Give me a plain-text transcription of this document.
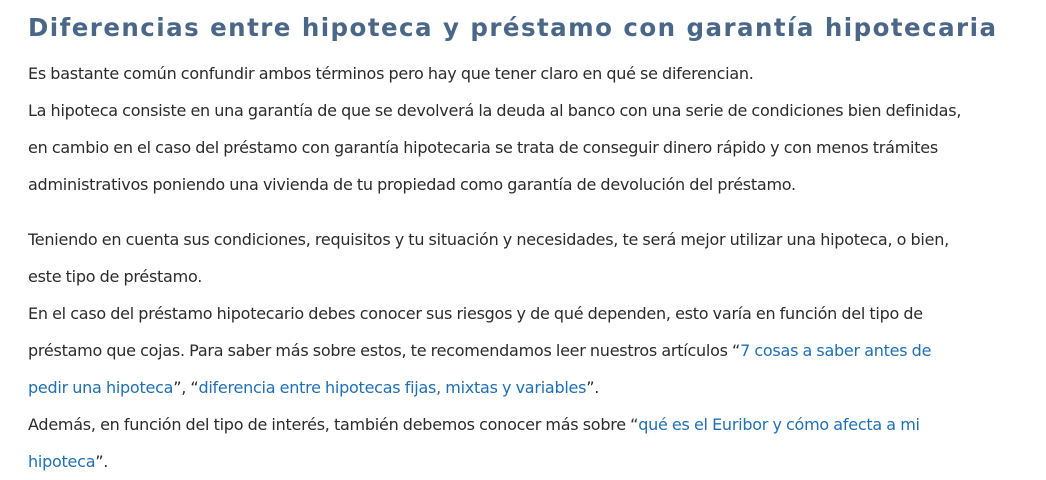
Diferencias entre hipoteca y préstamo con garantía hipotecaria

Es bastante común confundir ambos términos pero hay que tener claro en qué se diferencian.

La hipoteca consiste en una garantía de que se devolverá la deuda al banco con una serie de condiciones bien definidas,
en cambio en el caso del préstamo con garantía hipotecaria se trata de conseguir dinero rápido y con menos trámites
administrativos poniendo una vivienda de tu propiedad como garantía de devolución del préstamo.

Teniendo en cuenta sus condiciones, requisitos y tu situación y necesidades, te será mejor utilizar una hipoteca, o bien,
este tipo de préstamo.

En el caso del préstamo hipotecario debes conocer sus riesgos y de qué dependen, esto varía en función del tipo de
préstamo que cojas. Para saber más sobre estos, te recomendamos leer nuestros artículos “7 cosas a saber antes de
pedir una hipoteca”, “diferencia entre hipotecas fijas, mixtas y variables”.

Además, en función del tipo de interés, también debemos conocer más sobre “qué es el Euribor y cómo afecta a mi
hipoteca”.
